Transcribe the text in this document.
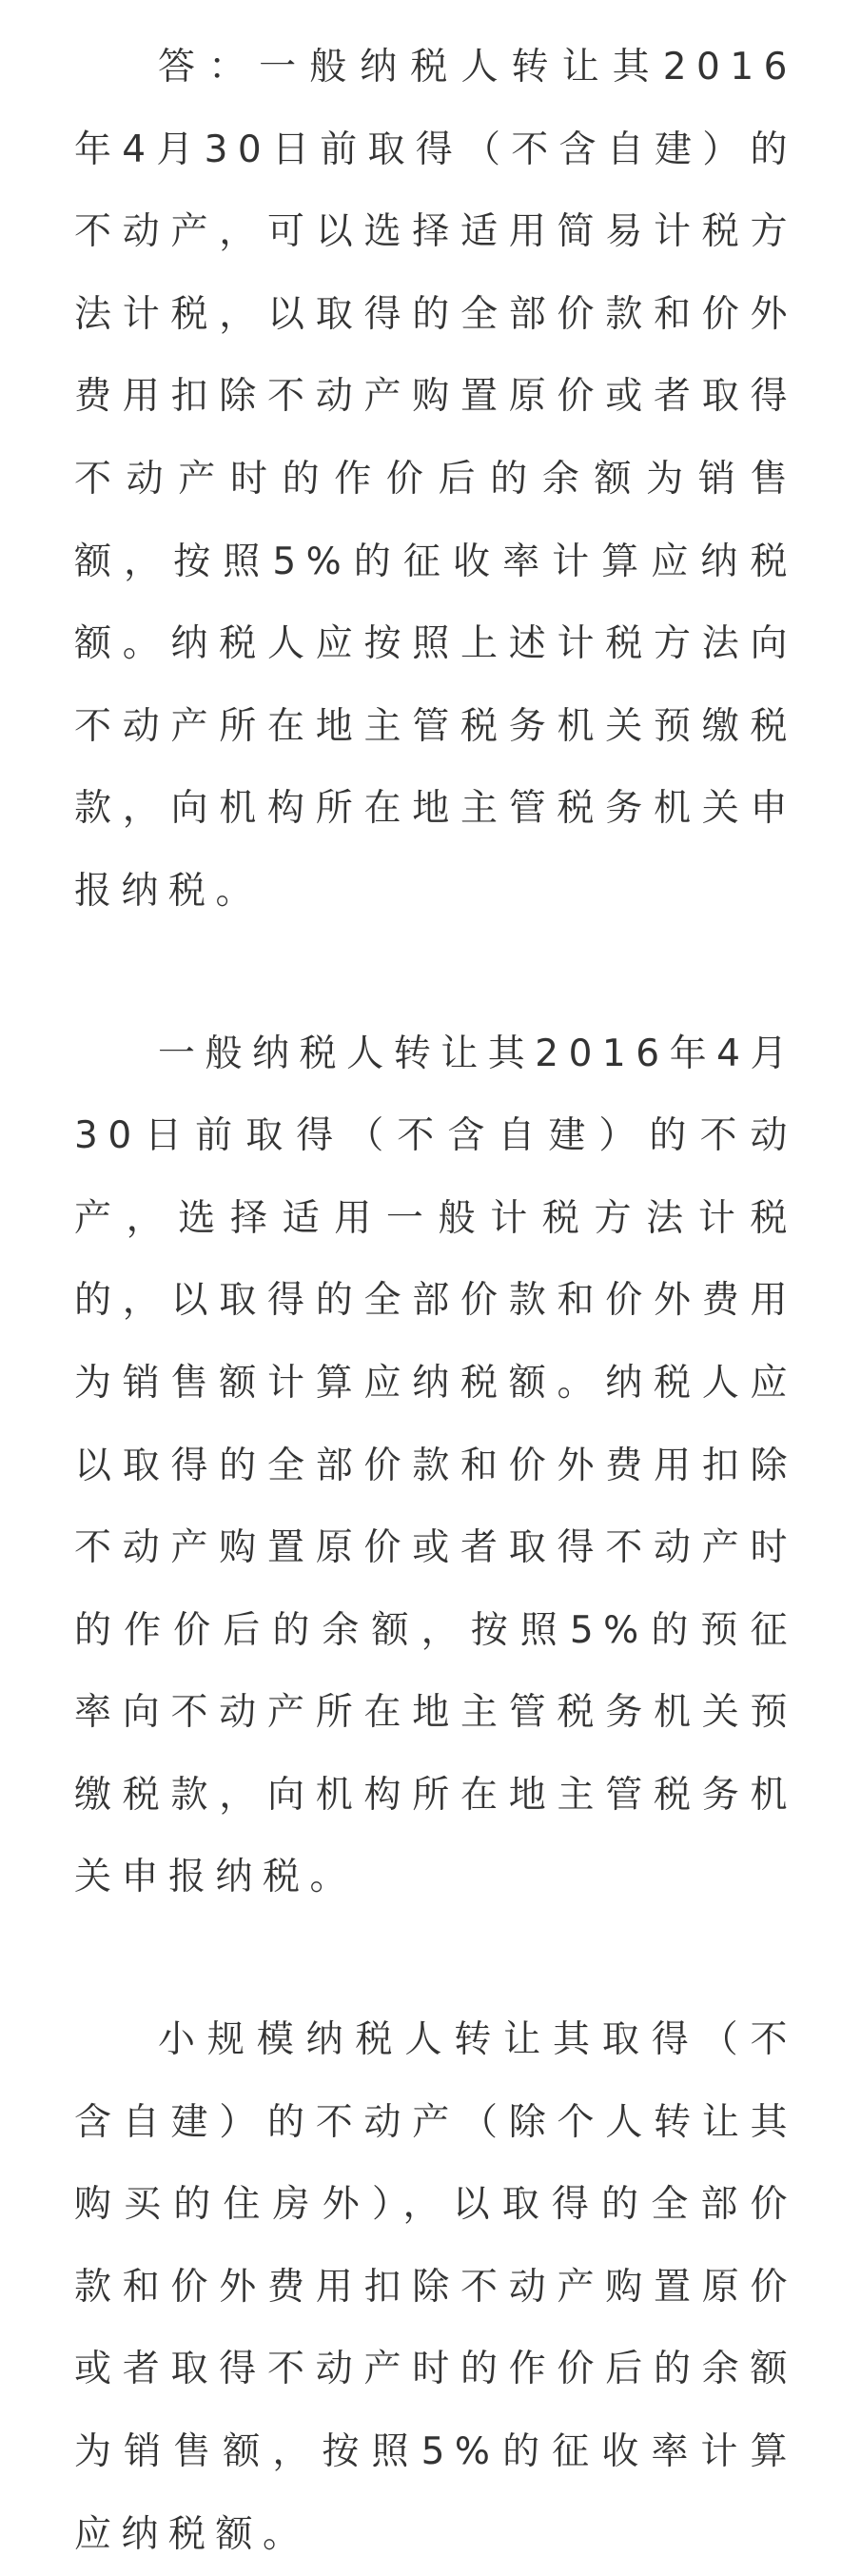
答：一般纳税人转让其2016年4月30日前取得（不含自建）的不动产，可以选择适用简易计税方法计税，以取得的全部价款和价外费用扣除不动产购置原价或者取得不动产时的作价后的余额为销售额，按照5%的征收率计算应纳税额。纳税人应按照上述计税方法向不动产所在地主管税务机关预缴税款，向机构所在地主管税务机关申报纳税。

一般纳税人转让其2016年4月30日前取得（不含自建）的不动产，选择适用一般计税方法计税的，以取得的全部价款和价外费用为销售额计算应纳税额。纳税人应以取得的全部价款和价外费用扣除不动产购置原价或者取得不动产时的作价后的余额，按照5%的预征率向不动产所在地主管税务机关预缴税款，向机构所在地主管税务机关申报纳税。

小规模纳税人转让其取得（不含自建）的不动产（除个人转让其购买的住房外），以取得的全部价款和价外费用扣除不动产购置原价或者取得不动产时的作价后的余额为销售额，按照5%的征收率计算应纳税额。
